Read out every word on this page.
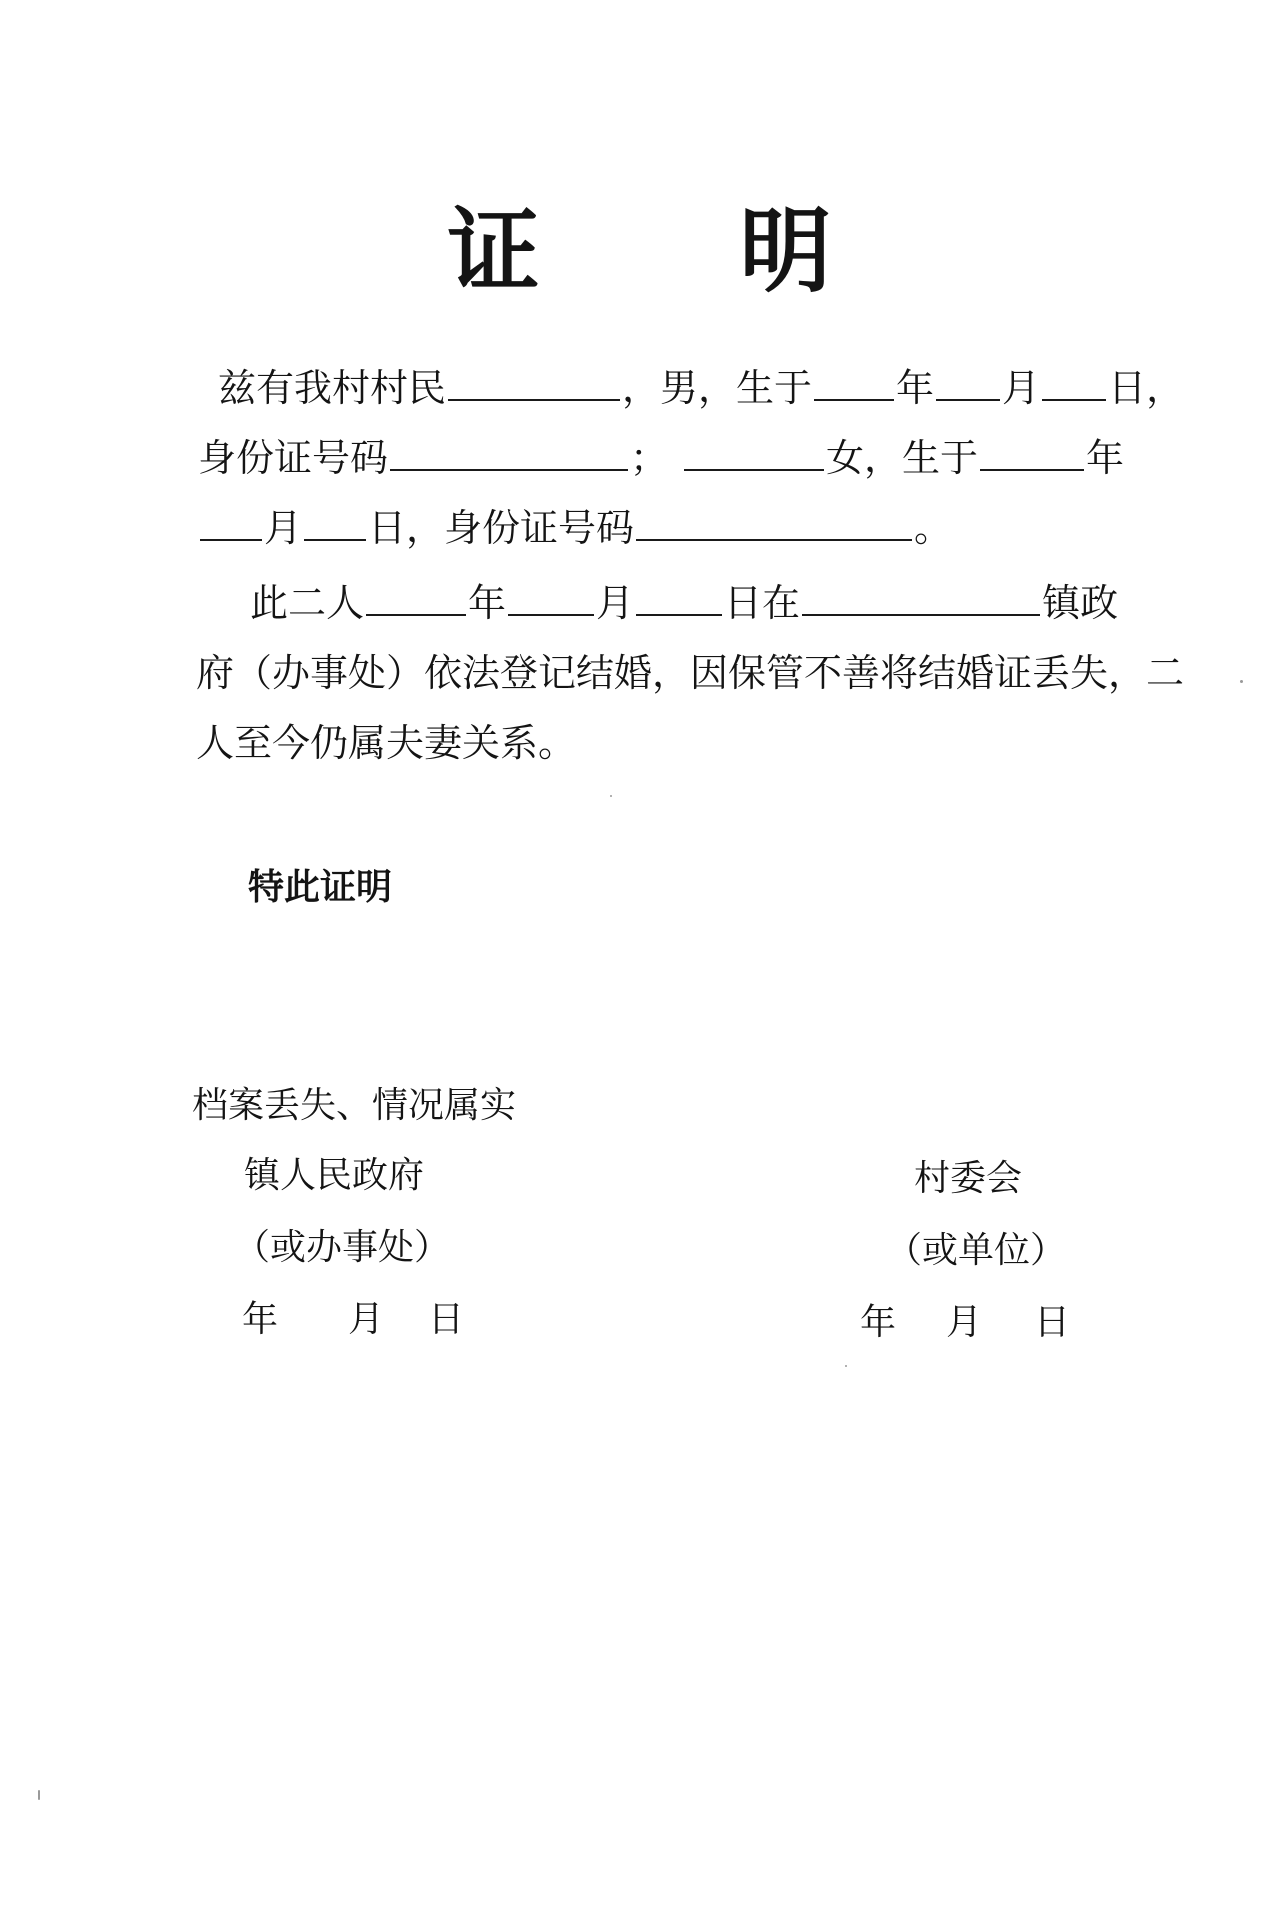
证 明
兹有我村村民	，男，生于 年 月 日，
身份证号码	；	女，生于	年
月 日，身份证号码	。
此二人	年 月 日在	镇政
府（办事处）依法登记结婚，因保管不善将结婚证丢失，二
人至今仍属夫妻关系。
特此证明
档案丢失、情况属实
镇人民政府
（或办事处）
年 月 日
村委会
（或单位）
年 月 日
